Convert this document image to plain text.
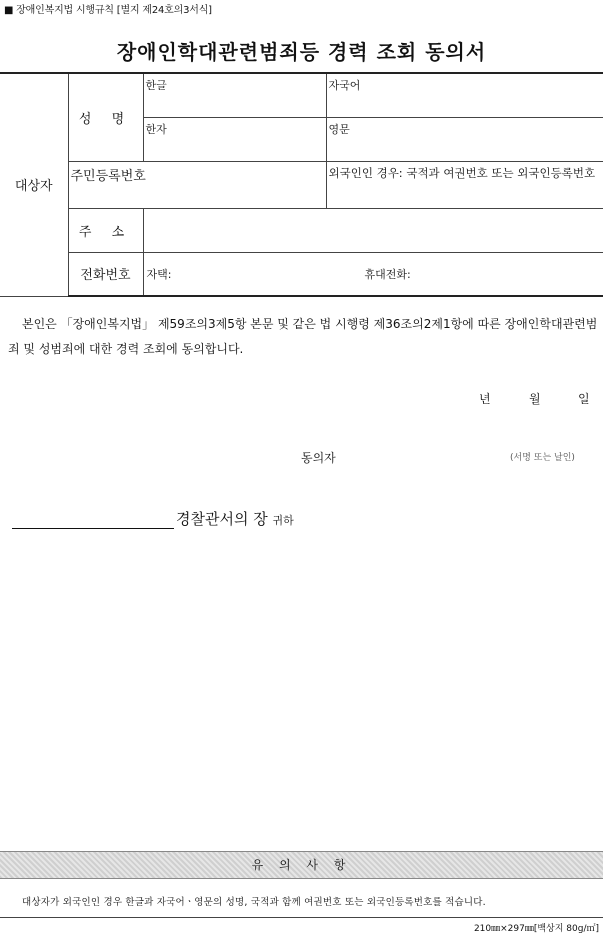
■ 장애인복지법 시행규칙 [별지 제24호의3서식]
장애인학대관련범죄등 경력 조회 동의서
대상자	성 명	한글	자국어

		한자	영문

	주민등록번호		외국인인 경우: 국적과 여권번호 또는 외국인등록번호

	주 소		
	전화번호	자택: 휴대전화:	
본인은 「장애인복지법」 제59조의3제5항 본문 및 같은 법 시행령 제36조의2제1항에 따른 장애인학대관련범죄 및 성범죄에 대한 경력 조회에 동의합니다.
년	월	일
동의자	(서명 또는 날인)
경찰관서의 장 귀하
유 의 사 항
대상자가 외국인인 경우 한글과 자국어ㆍ영문의 성명, 국적과 함께 여권번호 또는 외국인등록번호를 적습니다.
210㎜×297㎜[백상지 80g/㎡]
